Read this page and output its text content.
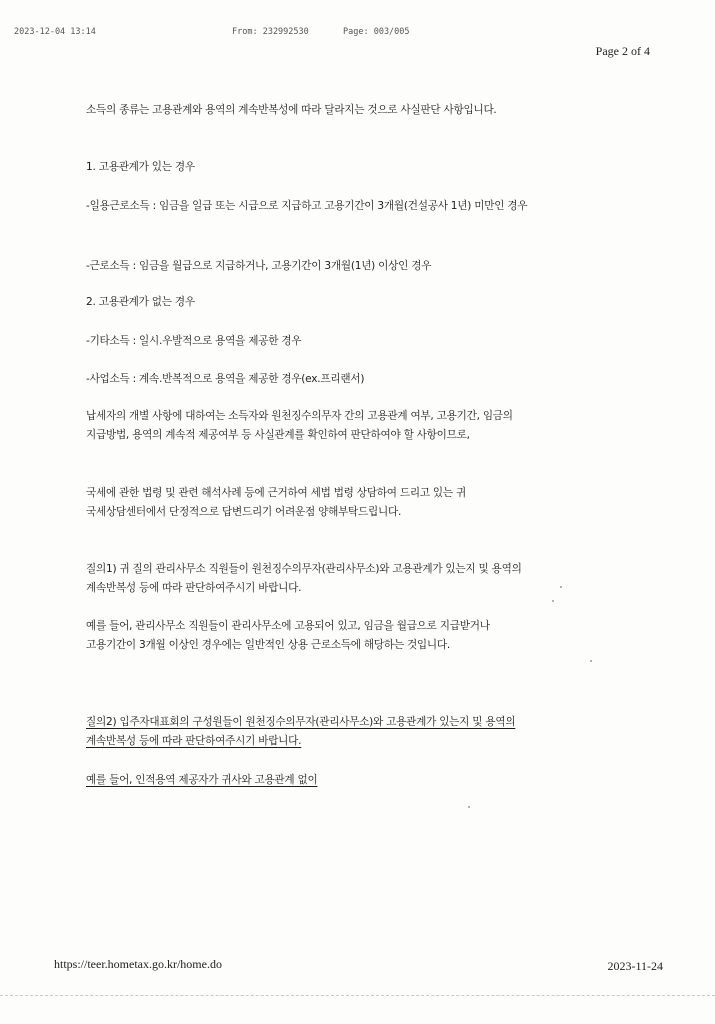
2023-12-04 13:14	From: 232992530	Page: 003/005
Page 2 of 4

소득의 종류는 고용관계와 용역의 계속반복성에 따라 달라지는 것으로 사실판단 사항입니다.

1. 고용관계가 있는 경우

-일용근로소득 : 임금을 일급 또는 시급으로 지급하고 고용기간이 3개월(건설공사 1년) 미만인 경우

-근로소득 : 임금을 월급으로 지급하거나, 고용기간이 3개월(1년) 이상인 경우

2. 고용관계가 없는 경우

-기타소득 : 일시.우발적으로 용역을 제공한 경우

-사업소득 : 계속.반복적으로 용역을 제공한 경우(ex.프리랜서)

납세자의 개별 사항에 대하여는 소득자와 원천징수의무자 간의 고용관계 여부, 고용기간, 임금의 지급방법, 용역의 계속적 제공여부 등 사실관계를 확인하여 판단하여야 할 사항이므로,

국세에 관한 법령 및 관련 해석사례 등에 근거하여 세법 법령 상담하여 드리고 있는 귀 국세상담센터에서 단정적으로 답변드리기 어려운점 양해부탁드립니다.

질의1) 귀 질의 관리사무소 직원들이 원천징수의무자(관리사무소)와 고용관계가 있는지 및 용역의 계속반복성 등에 따라 판단하여주시기 바랍니다.

예를 들어, 관리사무소 직원들이 관리사무소에 고용되어 있고, 임금을 월급으로 지급받거나 고용기간이 3개월 이상인 경우에는 일반적인 상용 근로소득에 해당하는 것입니다.

질의2) 입주자대표회의 구성원들이 원천징수의무자(관리사무소)와 고용관계가 있는지 및 용역의 계속반복성 등에 따라 판단하여주시기 바랍니다.

예를 들어, 인적용역 제공자가 귀사와 고용관계 없이

https://teer.hometax.go.kr/home.do	2023-11-24
